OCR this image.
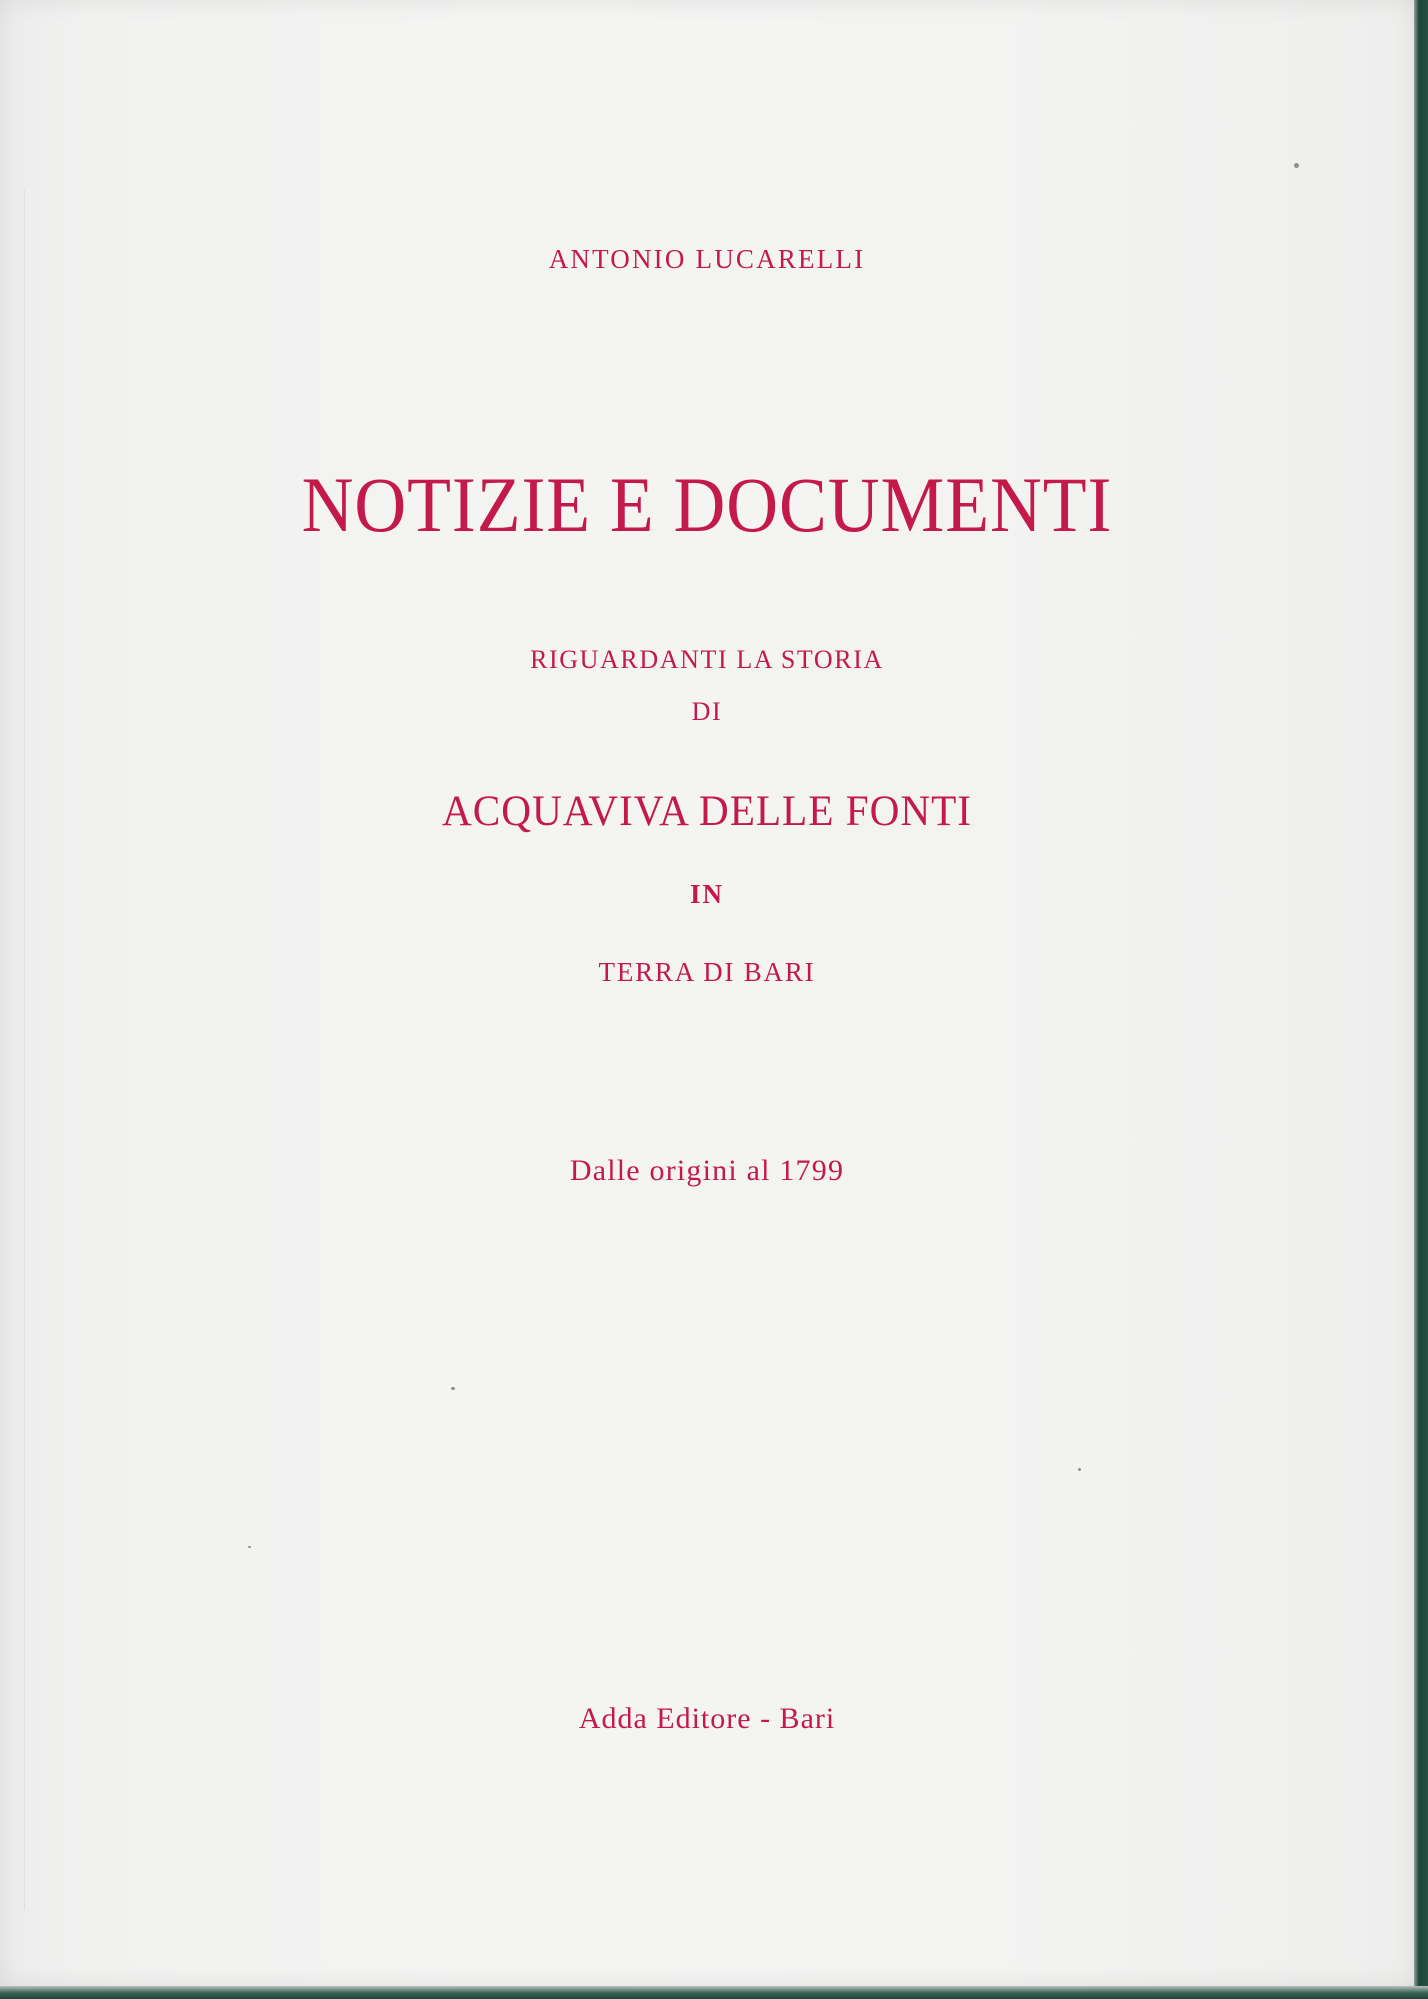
ANTONIO LUCARELLI
NOTIZIE E DOCUMENTI
RIGUARDANTI LA STORIA
DI
ACQUAVIVA DELLE FONTI
IN
TERRA DI BARI
Dalle origini al 1799
Adda Editore - Bari
